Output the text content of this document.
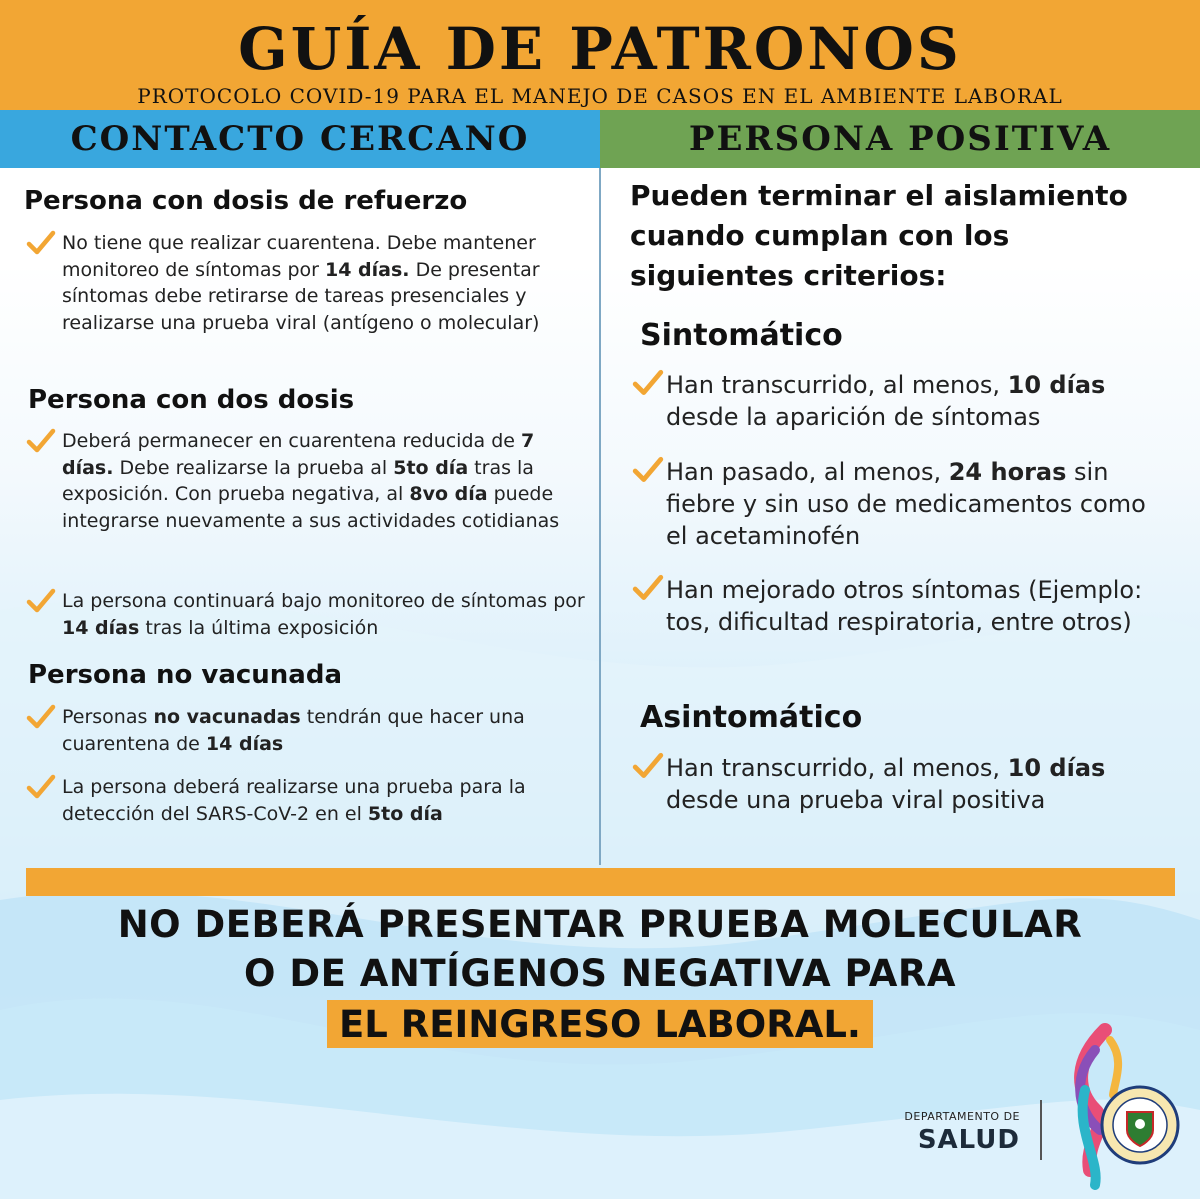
GUÍA DE PATRONOS
PROTOCOLO COVID-19 PARA EL MANEJO DE CASOS EN EL AMBIENTE LABORAL
CONTACTO CERCANO	PERSONA POSITIVA
Persona con dosis de refuerzo
No tiene que realizar cuarentena. Debe mantener monitoreo de síntomas por 14 días. De presentar síntomas debe retirarse de tareas presenciales y realizarse una prueba viral (antígeno o molecular)
Persona con dos dosis
Deberá permanecer en cuarentena reducida de 7 días. Debe realizarse la prueba al 5to día tras la exposición. Con prueba negativa, al 8vo día puede integrarse nuevamente a sus actividades cotidianas
La persona continuará bajo monitoreo de síntomas por 14 días tras la última exposición
Persona no vacunada
Personas no vacunadas tendrán que hacer una cuarentena de 14 días
La persona deberá realizarse una prueba para la detección del SARS-CoV-2 en el 5to día

Pueden terminar el aislamiento cuando cumplan con los siguientes criterios:

Sintomático
Han transcurrido, al menos, 10 días desde la aparición de síntomas
Han pasado, al menos, 24 horas sin fiebre y sin uso de medicamentos como el acetaminofén
Han mejorado otros síntomas (Ejemplo: tos, dificultad respiratoria, entre otros)
Asintomático
Han transcurrido, al menos, 10 días desde una prueba viral positiva
NO DEBERÁ PRESENTAR PRUEBA MOLECULAR
O DE ANTÍGENOS NEGATIVA PARA
EL REINGRESO LABORAL.
DEPARTAMENTO DE
SALUD
